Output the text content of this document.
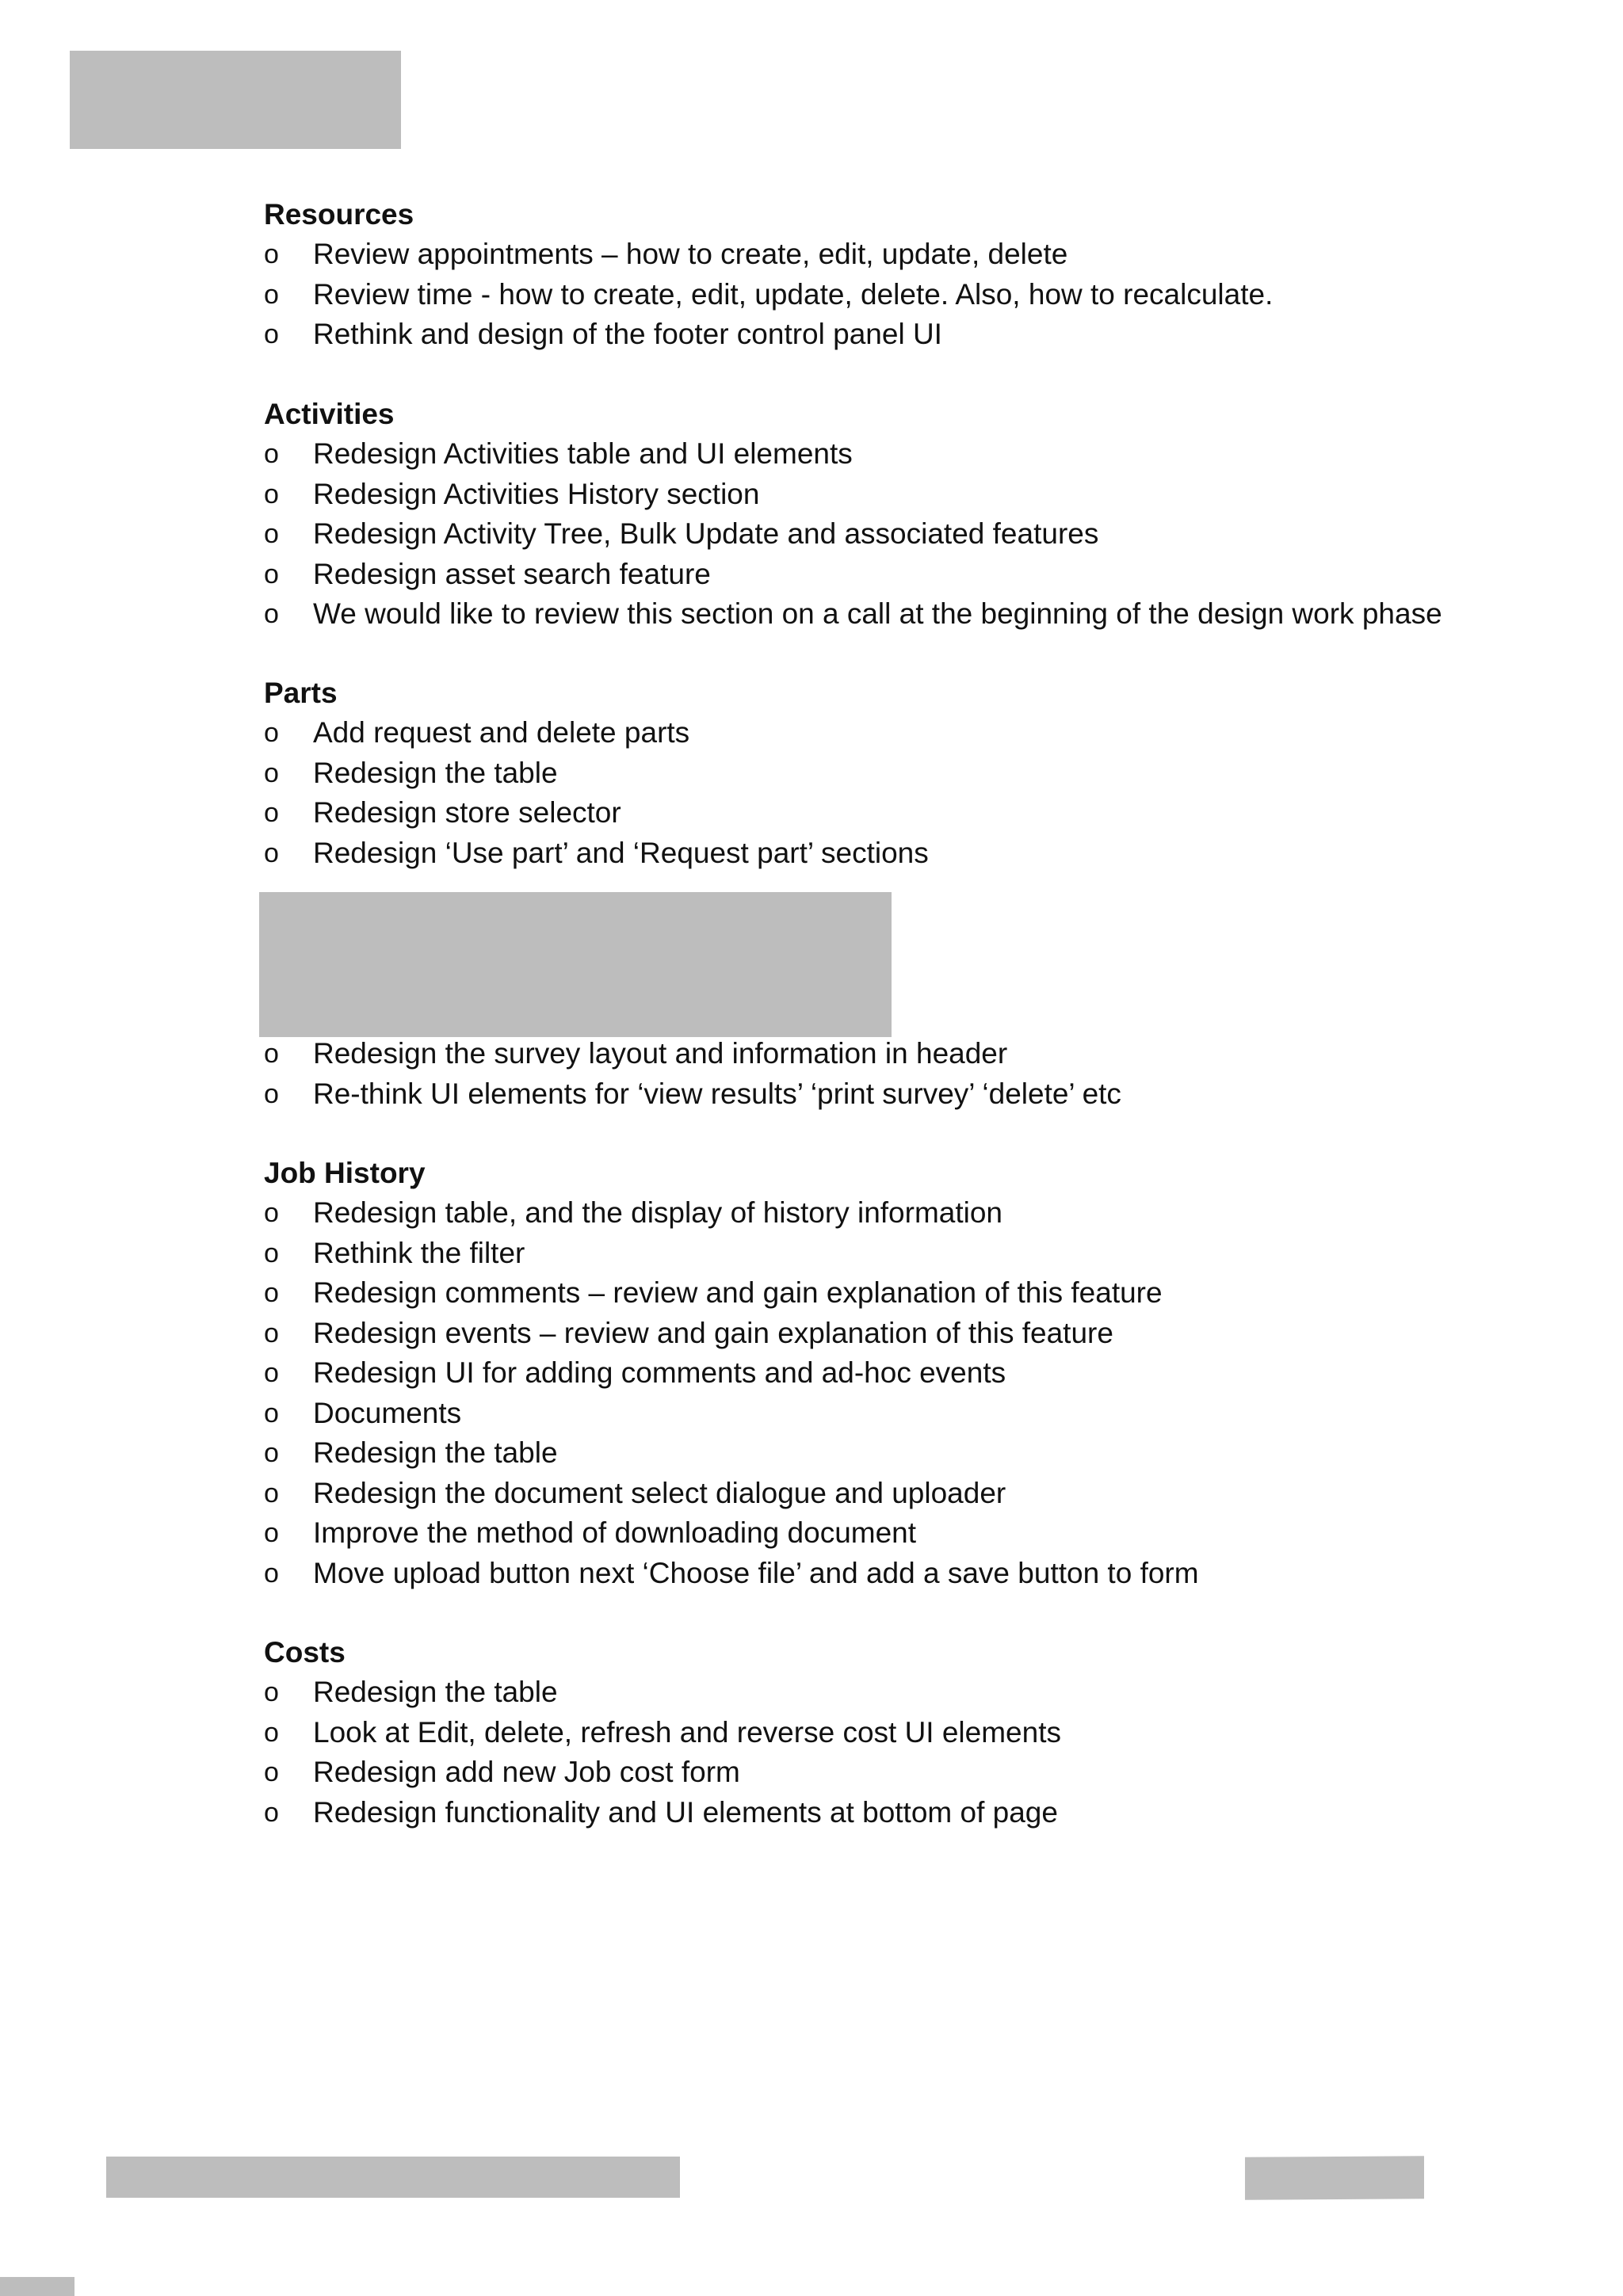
Resources
o Review appointments – how to create, edit, update, delete
o Review time - how to create, edit, update, delete. Also, how to recalculate.
o Rethink and design of the footer control panel UI
Activities
o Redesign Activities table and UI elements
o Redesign Activities History section
o Redesign Activity Tree, Bulk Update and associated features
o Redesign asset search feature
o We would like to review this section on a call at the beginning of the design work phase
Parts
o Add request and delete parts
o Redesign the table
o Redesign store selector
o Redesign ‘Use part’ and ‘Request part’ sections
o Redesign the survey layout and information in header
o Re-think UI elements for ‘view results’ ‘print survey’ ‘delete’ etc
Job History
o Redesign table, and the display of history information
o Rethink the filter
o Redesign comments – review and gain explanation of this feature
o Redesign events – review and gain explanation of this feature
o Redesign UI for adding comments and ad-hoc events
o Documents
o Redesign the table
o Redesign the document select dialogue and uploader
o Improve the method of downloading document
o Move upload button next ‘Choose file’ and add a save button to form
Costs
o Redesign the table
o Look at Edit, delete, refresh and reverse cost UI elements
o Redesign add new Job cost form
o Redesign functionality and UI elements at bottom of page
